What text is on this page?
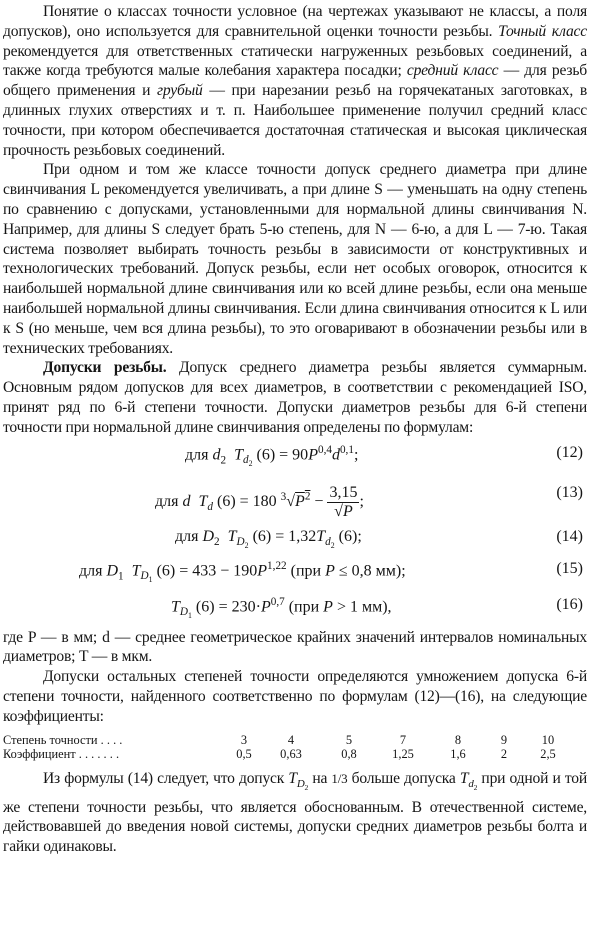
Понятие о классах точности условное (на чертежах указывают не классы, а поля допусков), оно используется для сравнительной оценки точности резьбы. Точный класс рекомендуется для ответственных статически нагруженных резьбовых соединений, а также когда требуются малые колебания характера посадки; средний класс — для резьб общего применения и грубый — при нарезании резьб на горячекатаных заготовках, в длинных глухих отверстиях и т. п. Наибольшее применение получил средний класс точности, при котором обеспечивается достаточная статическая и высокая циклическая прочность резьбовых соединений.

При одном и том же классе точности допуск среднего диаметра при длине свинчивания L рекомендуется увеличивать, а при длине S — уменьшать на одну степень по сравнению с допусками, установленными для нормальной длины свинчивания N. Например, для длины S следует брать 5-ю степень, для N — 6-ю, а для L — 7-ю. Такая система позволяет выбирать точность резьбы в зависимости от конструктивных и технологических требований. Допуск резьбы, если нет особых оговорок, относится к наибольшей нормальной длине свинчивания или ко всей длине резьбы, если она меньше наибольшей нормальной длины свинчивания. Если длина свинчивания относится к L или к S (но меньше, чем вся длина резьбы), то это оговаривают в обозначении резьбы или в технических требованиях.

Допуски резьбы. Допуск среднего диаметра резьбы является суммарным. Основным рядом допусков для всех диаметров, в соответствии с рекомендацией ISO, принят ряд по 6-й степени точности. Допуски диаметров резьбы для 6-й степени точности при нормальной длине свинчивания определены по формулам:

для $d_2$ $T_{d_2}$ $(6) = 90P^{0,4}d^{0,1}$;	(12)
для d $T_d$ (6) = 180 $^3√P^2 - \frac{3,15}{√P}$ ;
(13)
для $D_2$ $T_{D_2}$ $(6) = 1,32T_{d_2}$ (6);	(14)
для $D_1$ $T_{D_1}$ $(6) = 433 - 190P^{1,22}$ (при P ≤ 0,8 мм);	(15)
$T_{D_1}$ $(6) = 230\cdot P^{0,7}$ (при P > 1 мм),	(16)

где P — в мм; d — среднее геометрическое крайних значений интервалов номинальных диаметров; T — в мкм.

Допуски остальных степеней точности определяются умножением допуска 6-й степени точности, найденного соответственно по формулам (12)—(16), на следующие коэффициенты:

Степень точности . . . .	3	4	5	7	8	9	10
Коэффициент . . . . . . .	0,5	0,63	0,8	1,25	1,6	2	2,5

Из формулы (14) следует, что допуск $T_{D_2}$ на 1/3 больше допуска $T_{d_2}$ при одной и той же степени точности резьбы, что является обоснованным. В отечественной системе, действовавшей до введения новой системы, допуски средних диаметров резьбы болта и гайки одинаковы.
